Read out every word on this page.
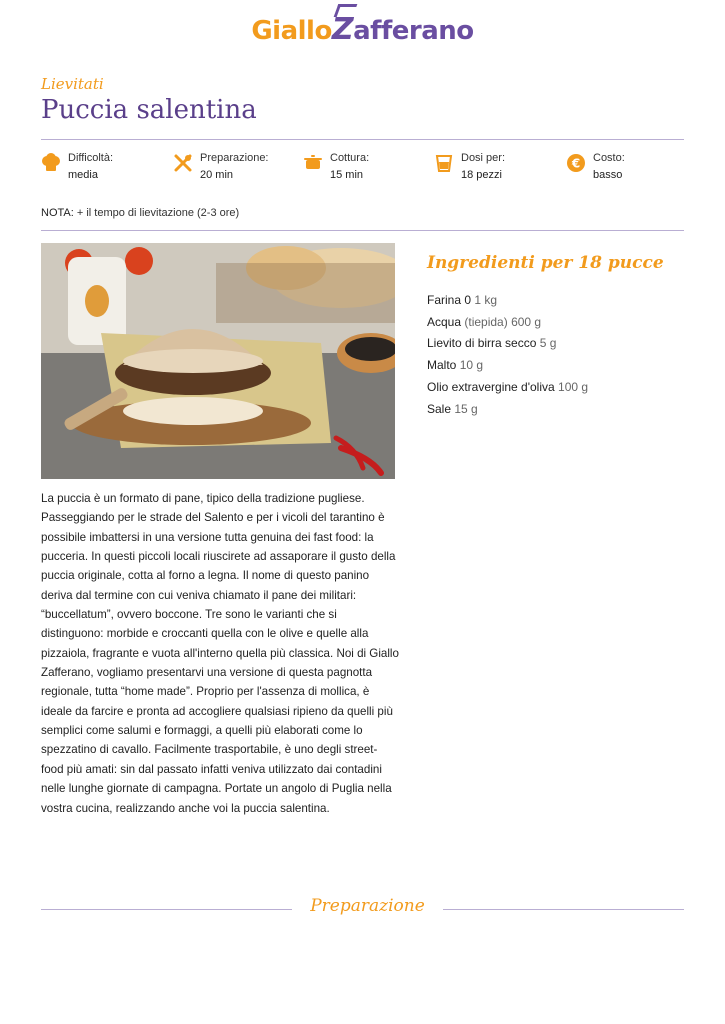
GialloZafferano
Lievitati
Puccia salentina
Difficoltà:
media
Preparazione:
20 min
Cottura:
15 min
Dosi per:
18 pezzi
€ Costo:
basso
NOTA: + il tempo di lievitazione (2-3 ore)
Ingredienti per 18 pucce
Farina 0 1 kg
Acqua (tiepida) 600 g
Lievito di birra secco 5 g
Malto 10 g
Olio extravergine d'oliva 100 g
Sale 15 g

La puccia è un formato di pane, tipico della tradizione pugliese. Passeggiando per le strade del Salento e per i vicoli del tarantino è possibile imbattersi in una versione tutta genuina dei fast food: la pucceria. In questi piccoli locali riuscirete ad assaporare il gusto della puccia originale, cotta al forno a legna. Il nome di questo panino deriva dal termine con cui veniva chiamato il pane dei militari: “buccellatum”, ovvero boccone. Tre sono le varianti che si distinguono: morbide e croccanti quella con le olive e quelle alla pizzaiola, fragrante e vuota all'interno quella più classica. Noi di Giallo Zafferano, vogliamo presentarvi una versione di questa pagnotta regionale, tutta “home made”. Proprio per l'assenza di mollica, è ideale da farcire e pronta ad accogliere qualsiasi ripieno da quelli più semplici come salumi e formaggi, a quelli più elaborati come lo spezzatino di cavallo. Facilmente trasportabile, è uno degli street-food più amati: sin dal passato infatti veniva utilizzato dai contadini nelle lunghe giornate di campagna. Portate un angolo di Puglia nella vostra cucina, realizzando anche voi la puccia salentina.

Preparazione
